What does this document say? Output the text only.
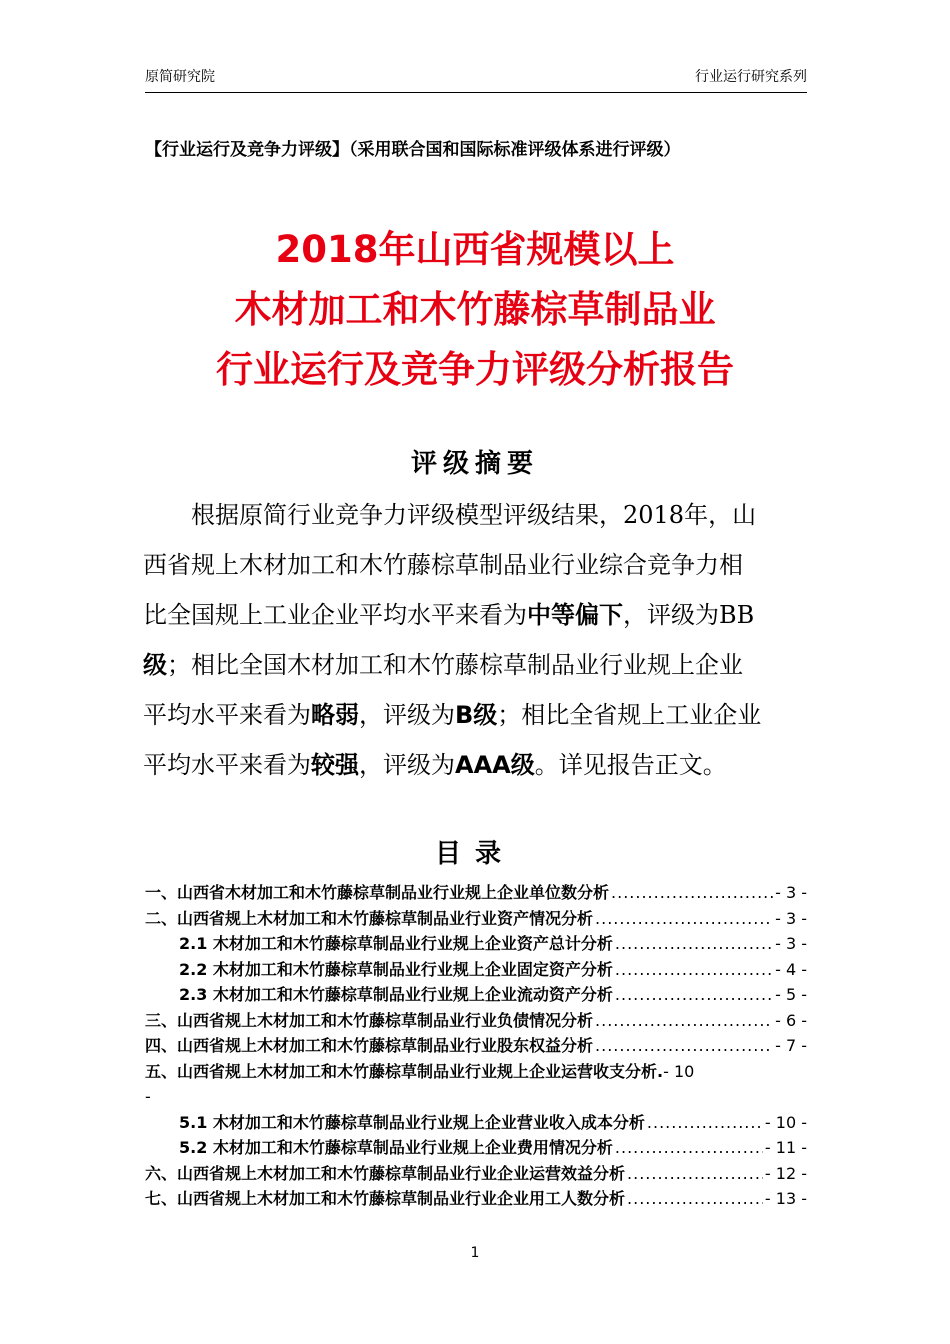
原简研究院	行业运行研究系列
【行业运行及竞争力评级】（采用联合国和国际标准评级体系进行评级）
2018年山西省规模以上
木材加工和木竹藤棕草制品业
行业运行及竞争力评级分析报告
评级摘要
根据原简行业竞争力评级模型评级结果，2018年，山
西省规上木材加工和木竹藤棕草制品业行业综合竞争力相
比全国规上工业企业平均水平来看为中等偏下，评级为BB
级；相比全国木材加工和木竹藤棕草制品业行业规上企业
平均水平来看为略弱，评级为B级；相比全省规上工业企业
平均水平来看为较强，评级为AAA级。详见报告正文。
目录
一、山西省木材加工和木竹藤棕草制品业行业规上企业单位数分析 .....	- 3 -
二、山西省规上木材加工和木竹藤棕草制品业行业资产情况分析 .....	- 3 -
2.1 木材加工和木竹藤棕草制品业行业规上企业资产总计分析 .....	- 3 -
2.2 木材加工和木竹藤棕草制品业行业规上企业固定资产分析 .....	- 4 -
2.3 木材加工和木竹藤棕草制品业行业规上企业流动资产分析 .....	- 5 -
三、山西省规上木材加工和木竹藤棕草制品业行业负债情况分析 .....	- 6 -
四、山西省规上木材加工和木竹藤棕草制品业行业股东权益分析 .....	- 7 -
五、山西省规上木材加工和木竹藤棕草制品业行业规上企业运营收支分析. - 10
-
5.1 木材加工和木竹藤棕草制品业行业规上企业营业收入成本分析 .....	- 10 -
5.2 木材加工和木竹藤棕草制品业行业规上企业费用情况分析 .....	- 11 -
六、山西省规上木材加工和木竹藤棕草制品业行业企业运营效益分析 .....	- 12 -
七、山西省规上木材加工和木竹藤棕草制品业行业企业用工人数分析 .....	- 13 -
1
